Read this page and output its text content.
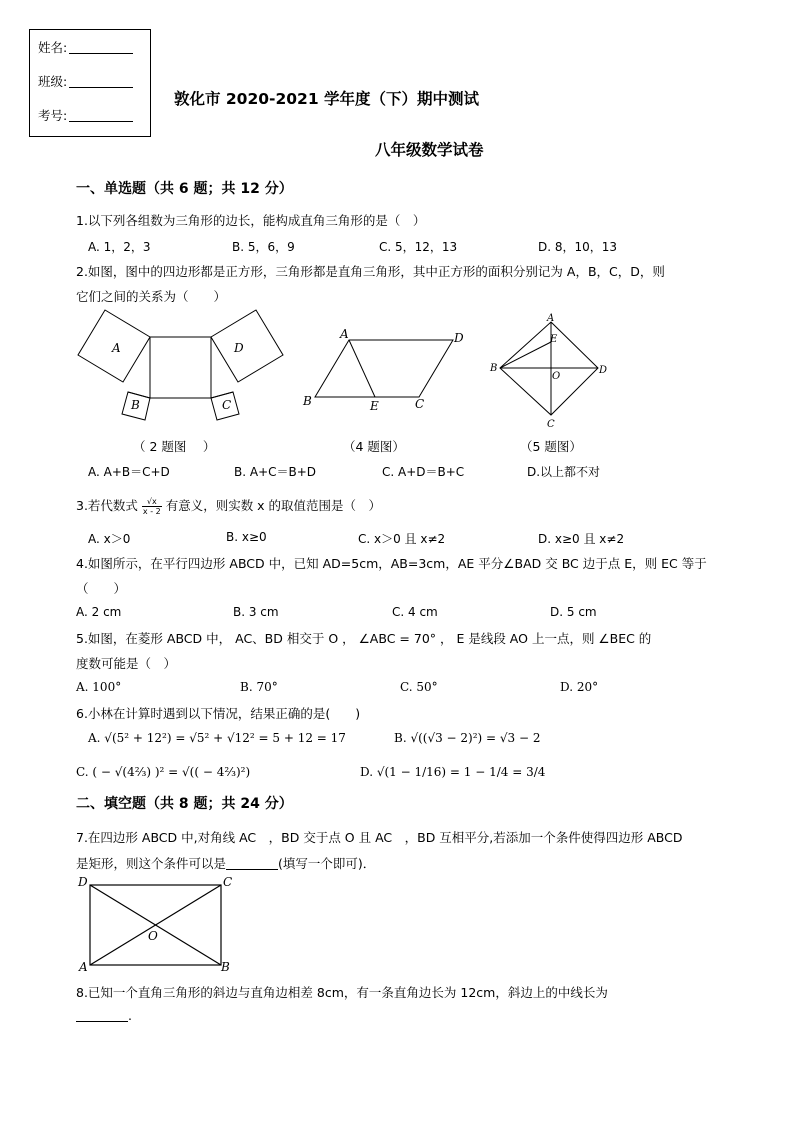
姓名:
班级:
考号:
敦化市 2020-2021 学年度（下）期中测试
八年级数学试卷
一、单选题（共 6 题；共 12 分）
1.以下列各组数为三角形的边长，能构成直角三角形的是（　）
A. 1，2，3	B. 5，6，9	C. 5，12，13	D. 8，10，13
2.如图，图中的四边形都是正方形，三角形都是直角三角形，其中正方形的面积分别记为 A，B，C，D，则
它们之间的关系为（　　）
A	D
B	C
A	D
B	E	C
A
E
B
O
D
C
（ 2 题图　 ）	（4 题图）	（5 题图）
A. A+B＝C+D	B. A+C＝B+D	C. A+D＝B+C	D.以上都不对
3.若代数式 $\frac{√x}{x - 2}$ 有意义，则实数 x 的取值范围是（　）
A. x＞0	B. x≥0	C. x＞0 且 x≠2	D. x≥0 且 x≠2
4.如图所示，在平行四边形 ABCD 中，已知 AD=5cm，AB=3cm，AE 平分∠BAD 交 BC 边于点 E，则 EC 等于
（　　）
A. 2 cm	B. 3 cm	C. 4 cm	D. 5 cm
5.如图，在菱形 ABCD 中， AC、BD 相交于 O ， ∠ABC = 70° ， E 是线段 AO 上一点，则 ∠BEC 的
度数可能是（　）
A. 100°	B. 70°	C. 50°	D. 20°
6.小林在计算时遇到以下情况，结果正确的是(　　)
A. √(5² + 12²) = √5² + √12² = 5 + 12 = 17	B. √((√3 − 2)²) = √3 − 2
C. ( − √(4⅔) )² = √(( − 4⅔)²)	D. √(1 − 1/16) = 1 − 1/4 = 3/4
二、填空题（共 8 题；共 24 分）
7.在四边形 ABCD 中,对角线 AC　，BD 交于点 O 且 AC　，BD 互相平分,若添加一个条件使得四边形 ABCD
是矩形，则这个条件可以是	(填写一个即可)．
D	C
O
A	B
8.已知一个直角三角形的斜边与直角边相差 8cm，有一条直角边长为 12cm，斜边上的中线长为
.
